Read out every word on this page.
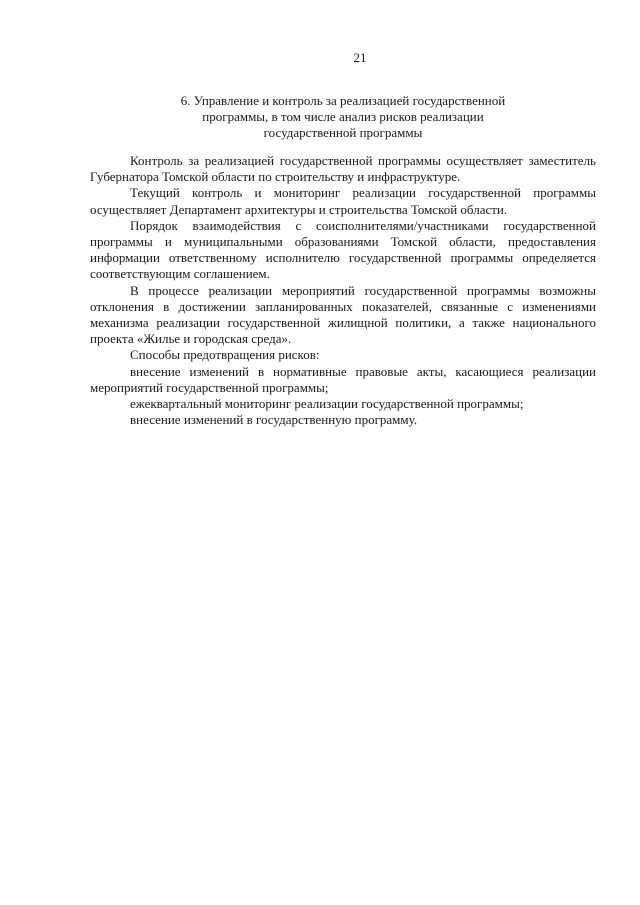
21
6. Управление и контроль за реализацией государственной
программы, в том числе анализ рисков реализации
государственной программы

Контроль за реализацией государственной программы осуществляет заместитель Губернатора Томской области по строительству и инфраструктуре.

Текущий контроль и мониторинг реализации государственной программы осуществляет Департамент архитектуры и строительства Томской области.

Порядок взаимодействия с соисполнителями/участниками государственной программы и муниципальными образованиями Томской области, предоставления информации ответственному исполнителю государственной программы определяется соответствующим соглашением.

В процессе реализации мероприятий государственной программы возможны отклонения в достижении запланированных показателей, связанные с изменениями механизма реализации государственной жилищной политики, а также национального проекта «Жилье и городская среда».

Способы предотвращения рисков:

внесение изменений в нормативные правовые акты, касающиеся реализации мероприятий государственной программы;

ежеквартальный мониторинг реализации государственной программы;

внесение изменений в государственную программу.
